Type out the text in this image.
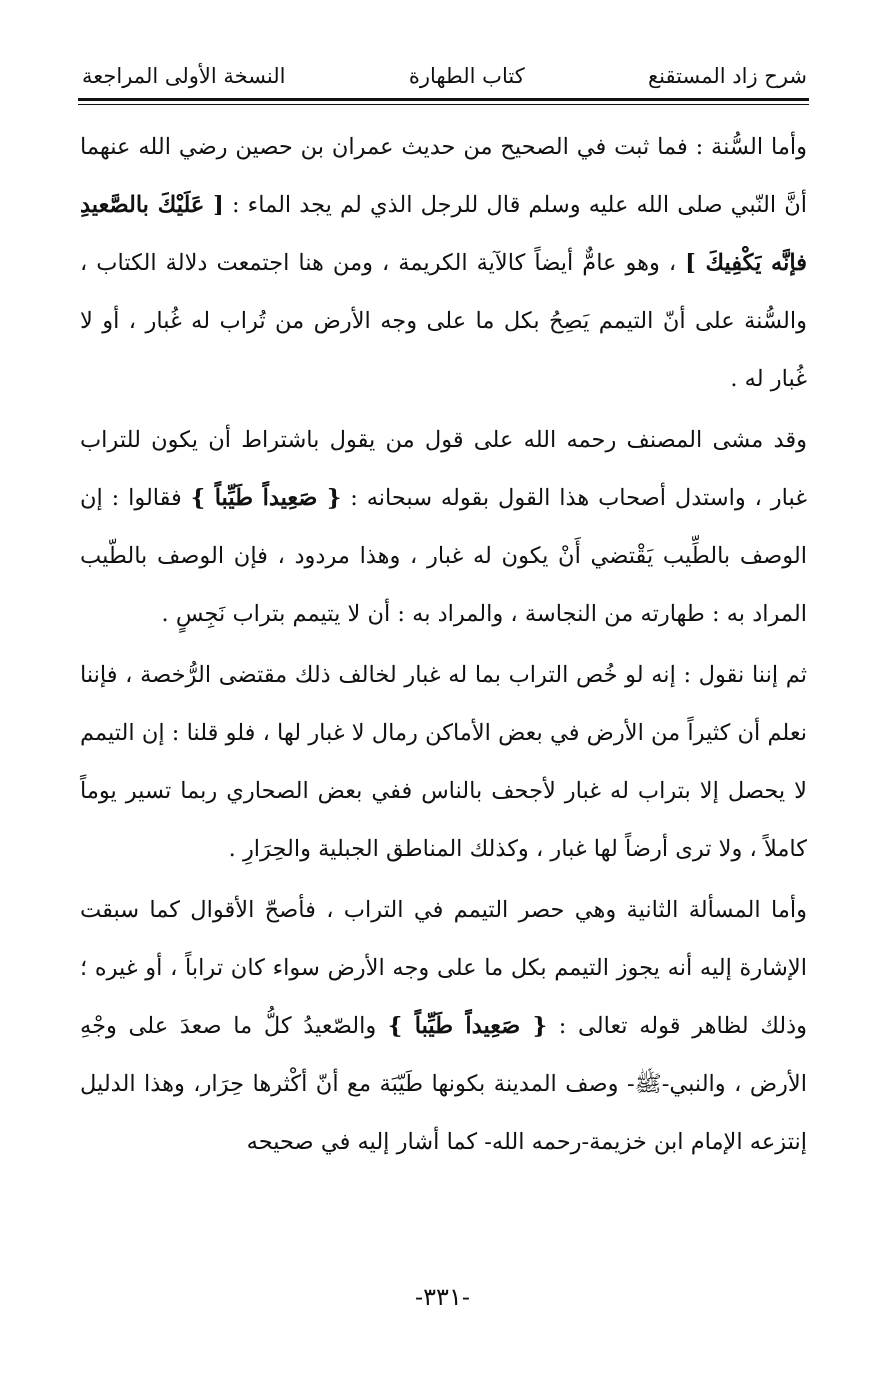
شرح زاد المستقنع
كتاب الطهارة
النسخة الأولى المراجعة

وأما السُّنة : فما ثبت في الصحيح من حديث عمران بن حصين رضي الله عنهما أنَّ النّبي صلى الله عليه وسلم قال للرجل الذي لم يجد الماء : [ عَلَيْكَ بالصَّعيدِ فإنَّه يَكْفِيكَ ] ، وهو عامٌّ أيضاً كالآية الكريمة ، ومن هنا اجتمعت دلالة الكتاب ، والسُّنة على أنّ التيمم يَصِحُ بكل ما على وجه الأرض من تُراب له غُبار ، أو لا غُبار له .

وقد مشى المصنف رحمه الله على قول من يقول باشتراط أن يكون للتراب غبار ، واستدل أصحاب هذا القول بقوله سبحانه : { صَعِيداً طَيِّباً } فقالوا : إن الوصف بالطِّيب يَقْتضي أَنْ يكون له غبار ، وهذا مردود ، فإن الوصف بالطّيب المراد به : طهارته من النجاسة ، والمراد به : أن لا يتيمم بتراب نَجِسٍ .

ثم إننا نقول : إنه لو خُص التراب بما له غبار لخالف ذلك مقتضى الرُّخصة ، فإننا نعلم أن كثيراً من الأرض في بعض الأماكن رمال لا غبار لها ، فلو قلنا : إن التيمم لا يحصل إلا بتراب له غبار لأجحف بالناس ففي بعض الصحاري ربما تسير يوماً كاملاً ، ولا ترى أرضاً لها غبار ، وكذلك المناطق الجبلية والحِرَارِ .

وأما المسألة الثانية وهي حصر التيمم في التراب ، فأصحّ الأقوال كما سبقت الإشارة إليه أنه يجوز التيمم بكل ما على وجه الأرض سواء كان تراباً ، أو غيره ؛ وذلك لظاهر قوله تعالى : { صَعِيداً طَيِّباً } والصّعيدُ كلُّ ما صعدَ على وجْهِ الأرض ، والنبي-ﷺ- وصف المدينة بكونها طَيّبَة مع أنّ أكْثرها حِرَار، وهذا الدليل إنتزعه الإمام ابن خزيمة-رحمه الله- كما أشار إليه في صحيحه

-٣٣١-
